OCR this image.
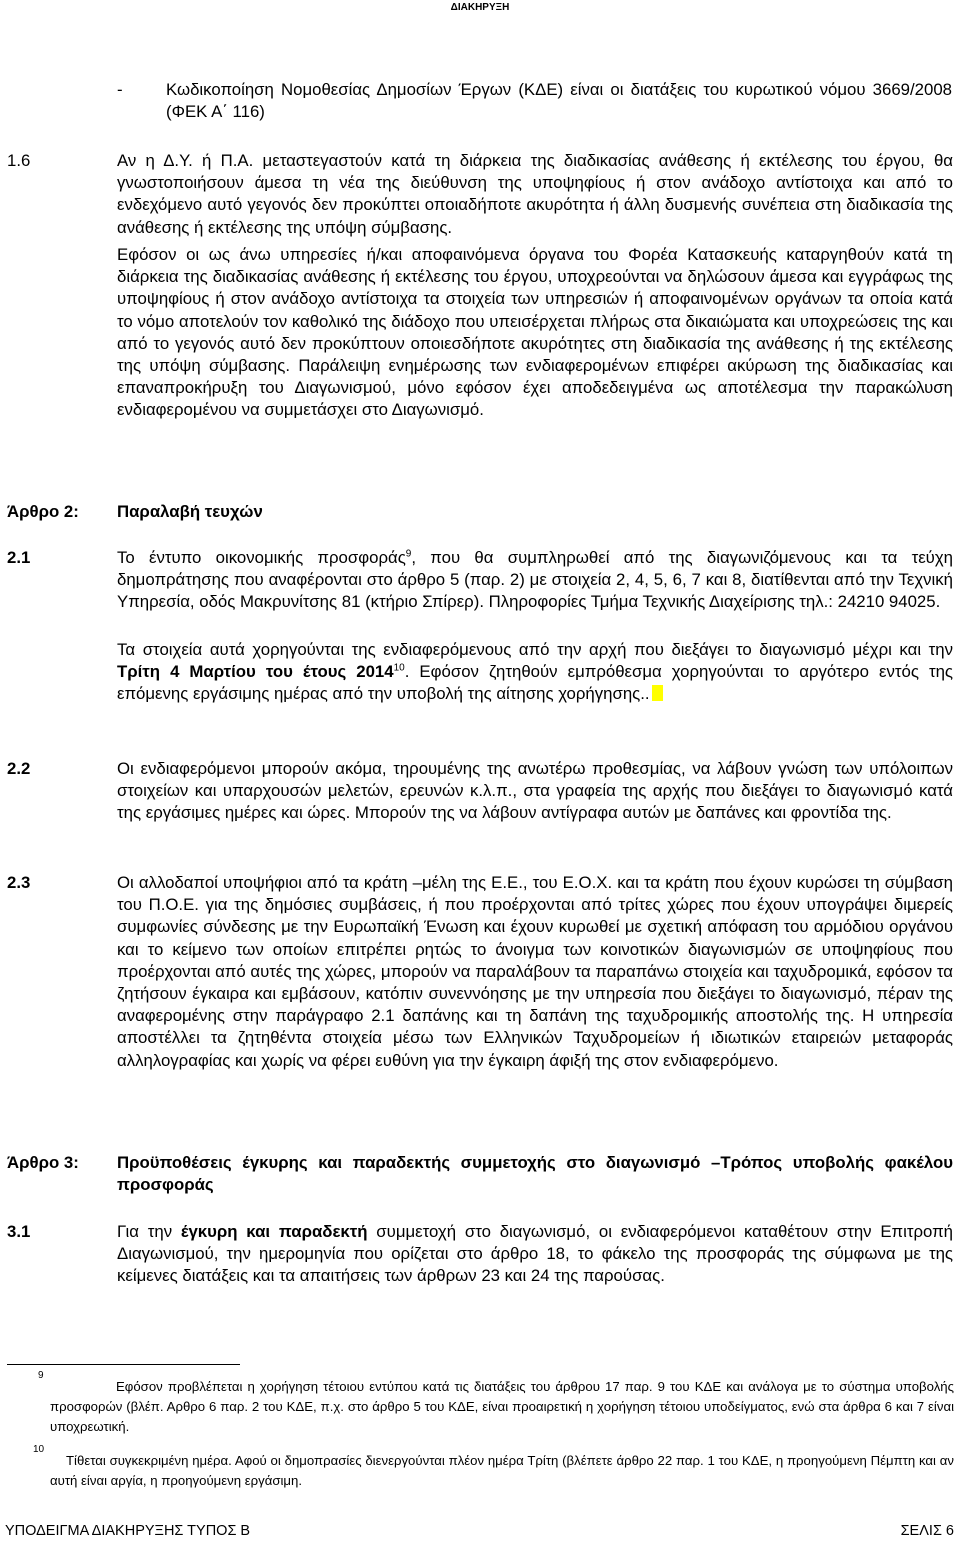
ΔΙΑΚΗΡΥΞΗ
-	Κωδικοποίηση Νομοθεσίας Δημοσίων Έργων (ΚΔΕ) είναι οι διατάξεις του κυρωτικού νόμου 3669/2008 (ΦΕΚ Α΄ 116)

1.6	Αν η Δ.Υ. ή Π.Α. μεταστεγαστούν κατά τη διάρκεια της διαδικασίας ανάθεσης ή εκτέλεσης του έργου, θα γνωστοποιήσουν άμεσα τη νέα της διεύθυνση της υποψηφίους ή στον ανάδοχο αντίστοιχα και από το ενδεχόμενο αυτό γεγονός δεν προκύπτει οποιαδήποτε ακυρότητα ή άλλη δυσμενής συνέπεια στη διαδικασία της ανάθεσης ή εκτέλεσης της υπόψη σύμβασης.

Εφόσον οι ως άνω υπηρεσίες ή/και αποφαινόμενα όργανα του Φορέα Κατασκευής καταργηθούν κατά τη διάρκεια της διαδικασίας ανάθεσης ή εκτέλεσης του έργου, υποχρεούνται να δηλώσουν άμεσα και εγγράφως της υποψηφίους ή στον ανάδοχο αντίστοιχα τα στοιχεία των υπηρεσιών ή αποφαινομένων οργάνων τα οποία κατά το νόμο αποτελούν τον καθολικό της διάδοχο που υπεισέρχεται πλήρως στα δικαιώματα και υποχρεώσεις της και από το γεγονός αυτό δεν προκύπτουν οποιεσδήποτε ακυρότητες στη διαδικασία της ανάθεσης ή της εκτέλεσης της υπόψη σύμβασης. Παράλειψη ενημέρωσης των ενδιαφερομένων επιφέρει ακύρωση της διαδικασίας και επαναπροκήρυξη του Διαγωνισμού, μόνο εφόσον έχει αποδεδειγμένα ως αποτέλεσμα την παρακώλυση ενδιαφερομένου να συμμετάσχει στο Διαγωνισμό.

Άρθρο 2: Παραλαβή τευχών
2.1	Το έντυπο οικονομικής προσφοράς$^9$, που θα συμπληρωθεί από της διαγωνιζόμενους και τα τεύχη δημοπράτησης που αναφέρονται στο άρθρο 5 (παρ. 2) με στοιχεία 2, 4, 5, 6, 7 και 8, διατίθενται από την Τεχνική Υπηρεσία, οδός Μακρυνίτσης 81 (κτήριο Σπίρερ). Πληροφορίες Τμήμα Τεχνικής Διαχείρισης τηλ.: 24210 94025.

Τα στοιχεία αυτά χορηγούνται της ενδιαφερόμενους από την αρχή που διεξάγει το διαγωνισμό μέχρι και την Τρίτη 4 Μαρτίου του έτους 2014$^{10}$. Εφόσον ζητηθούν εμπρόθεσμα χορηγούνται το αργότερο εντός της επόμενης εργάσιμης ημέρας από την υποβολή της αίτησης χορήγησης..

2.2	Οι ενδιαφερόμενοι μπορούν ακόμα, τηρουμένης της ανωτέρω προθεσμίας, να λάβουν γνώση των υπόλοιπων στοιχείων και υπαρχουσών μελετών, ερευνών κ.λ.π., στα γραφεία της αρχής που διεξάγει το διαγωνισμό κατά της εργάσιμες ημέρες και ώρες. Μπορούν της να λάβουν αντίγραφα αυτών με δαπάνες και φροντίδα της.

2.3	Οι αλλοδαποί υποψήφιοι από τα κράτη –μέλη της Ε.Ε., του Ε.Ο.Χ. και τα κράτη που έχουν κυρώσει τη σύμβαση του Π.Ο.Ε. για της δημόσιες συμβάσεις, ή που προέρχονται από τρίτες χώρες που έχουν υπογράψει διμερείς συμφωνίες σύνδεσης με την Ευρωπαϊκή Ένωση και έχουν κυρωθεί με σχετική απόφαση του αρμόδιου οργάνου και το κείμενο των οποίων επιτρέπει ρητώς το άνοιγμα των κοινοτικών διαγωνισμών σε υποψηφίους που προέρχονται από αυτές της χώρες, μπορούν να παραλάβουν τα παραπάνω στοιχεία και ταχυδρομικά, εφόσον τα ζητήσουν έγκαιρα και εμβάσουν, κατόπιν συνεννόησης με την υπηρεσία που διεξάγει το διαγωνισμό, πέραν της αναφερομένης στην παράγραφο 2.1 δαπάνης και τη δαπάνη της ταχυδρομικής αποστολής της. Η υπηρεσία αποστέλλει τα ζητηθέντα στοιχεία μέσω των Ελληνικών Ταχυδρομείων ή ιδιωτικών εταιρειών μεταφοράς αλληλογραφίας και χωρίς να φέρει ευθύνη για την έγκαιρη άφιξή της στον ενδιαφερόμενο.

Άρθρο 3: Προϋποθέσεις έγκυρης και παραδεκτής συμμετοχής στο διαγωνισμό –Τρόπος υποβολής φακέλου προσφοράς

3.1	Για την έγκυρη και παραδεκτή συμμετοχή στο διαγωνισμό, οι ενδιαφερόμενοι καταθέτουν στην Επιτροπή Διαγωνισμού, την ημερομηνία που ορίζεται στο άρθρο 18, το φάκελο της προσφοράς της σύμφωνα με της κείμενες διατάξεις και τα απαιτήσεις των άρθρων 23 και 24 της παρούσας.

9

Εφόσον προβλέπεται η χορήγηση τέτοιου εντύπου κατά τις διατάξεις του άρθρου 17 παρ. 9 του ΚΔΕ και ανάλογα με το σύστημα υποβολής προσφορών (βλέπ. Αρθρο 6 παρ. 2 του ΚΔΕ, π.χ. στο άρθρο 5 του ΚΔΕ, είναι προαιρετική η χορήγηση τέτοιου υποδείγματος, ενώ στα άρθρα 6 και 7 είναι υποχρεωτική.

10

Τίθεται συγκεκριμένη ημέρα. Αφού οι δημοπρασίες διενεργούνται πλέον ημέρα Τρίτη (βλέπετε άρθρο 22 παρ. 1 του ΚΔΕ, η προηγούμενη Πέμπτη και αν αυτή είναι αργία, η προηγούμενη εργάσιμη.

ΥΠΟΔΕΙΓΜΑ ΔΙΑΚΗΡΥΞΗΣ ΤΥΠΟΣ Β	ΣΕΛΙΣ 6
